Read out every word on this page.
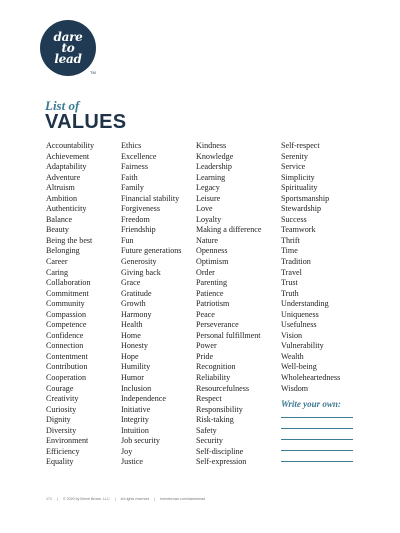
dare
to
lead
TM
List of
VALUES
Accountability
Achievement
Adaptability
Adventure
Altruism
Ambition
Authenticity
Balance
Beauty
Being the best
Belonging
Career
Caring
Collaboration
Commitment
Community
Compassion
Competence
Confidence
Connection
Contentment
Contribution
Cooperation
Courage
Creativity
Curiosity
Dignity
Diversity
Environment
Efficiency
Equality
Ethics
Excellence
Fairness
Faith
Family
Financial stability
Forgiveness
Freedom
Friendship
Fun
Future generations
Generosity
Giving back
Grace
Gratitude
Growth
Harmony
Health
Home
Honesty
Hope
Humility
Humor
Inclusion
Independence
Initiative
Integrity
Intuition
Job security
Joy
Justice
Kindness
Knowledge
Leadership
Learning
Legacy
Leisure
Love
Loyalty
Making a difference
Nature
Openness
Optimism
Order
Parenting
Patience
Patriotism
Peace
Perseverance
Personal fulfillment
Power
Pride
Recognition
Reliability
Resourcefulness
Respect
Responsibility
Risk-taking
Safety
Security
Self-discipline
Self-expression
Self-respect
Serenity
Service
Simplicity
Spirituality
Sportsmanship
Stewardship
Success
Teamwork
Thrift
Time
Tradition
Travel
Trust
Truth
Understanding
Uniqueness
Usefulness
Vision
Vulnerability
Wealth
Well-being
Wholeheartedness
Wisdom
Write your own:
171 | © 2020 by Brené Brown, LLC | All rights reserved | brenebrown.com/daretolead
